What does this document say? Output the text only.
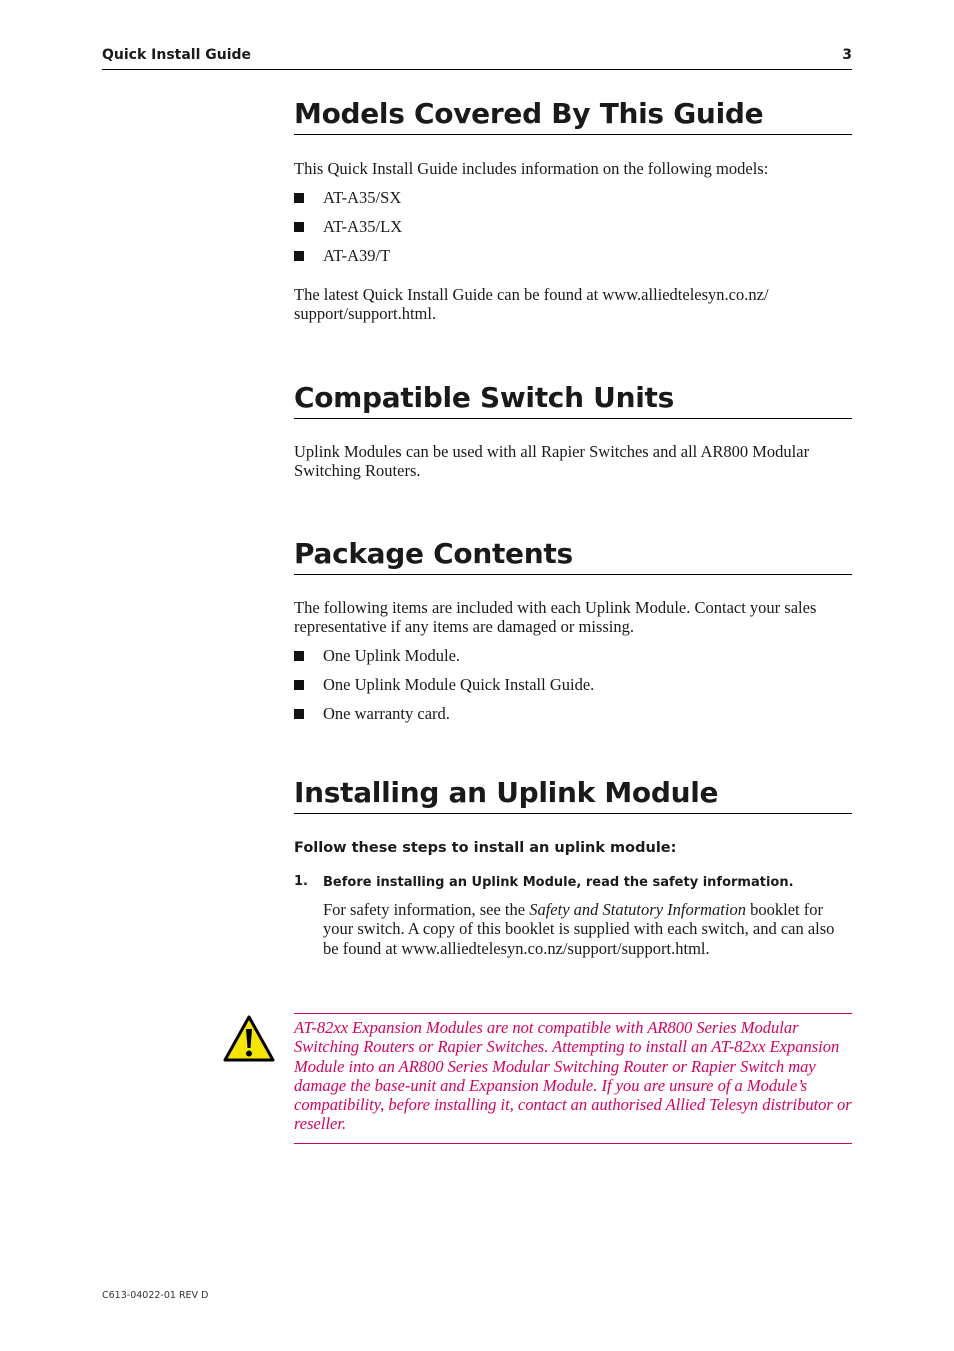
Quick Install Guide	3
Models Covered By This Guide

This Quick Install Guide includes information on the following models:

AT-A35/SX
AT-A35/LX
AT-A39/T

The latest Quick Install Guide can be found at www.alliedtelesyn.co.nz/
support/support.html.

Compatible Switch Units

Uplink Modules can be used with all Rapier Switches and all AR800 Modular Switching Routers.

Package Contents

The following items are included with each Uplink Module. Contact your sales representative if any items are damaged or missing.

One Uplink Module.
One Uplink Module Quick Install Guide.
One warranty card.
Installing an Uplink Module

Follow these steps to install an uplink module:

1. Before installing an Uplink Module, read the safety information.

For safety information, see the Safety and Statutory Information booklet for your switch. A copy of this booklet is supplied with each switch, and can also be found at www.alliedtelesyn.co.nz/support/support.html.

AT-82xx Expansion Modules are not compatible with AR800 Series Modular Switching Routers or Rapier Switches. Attempting to install an AT-82xx Expansion Module into an AR800 Series Modular Switching Router or Rapier Switch may damage the base-unit and Expansion Module. If you are unsure of a Module’s compatibility, before installing it, contact an authorised Allied Telesyn distributor or reseller.

C613-04022-01 REV D
